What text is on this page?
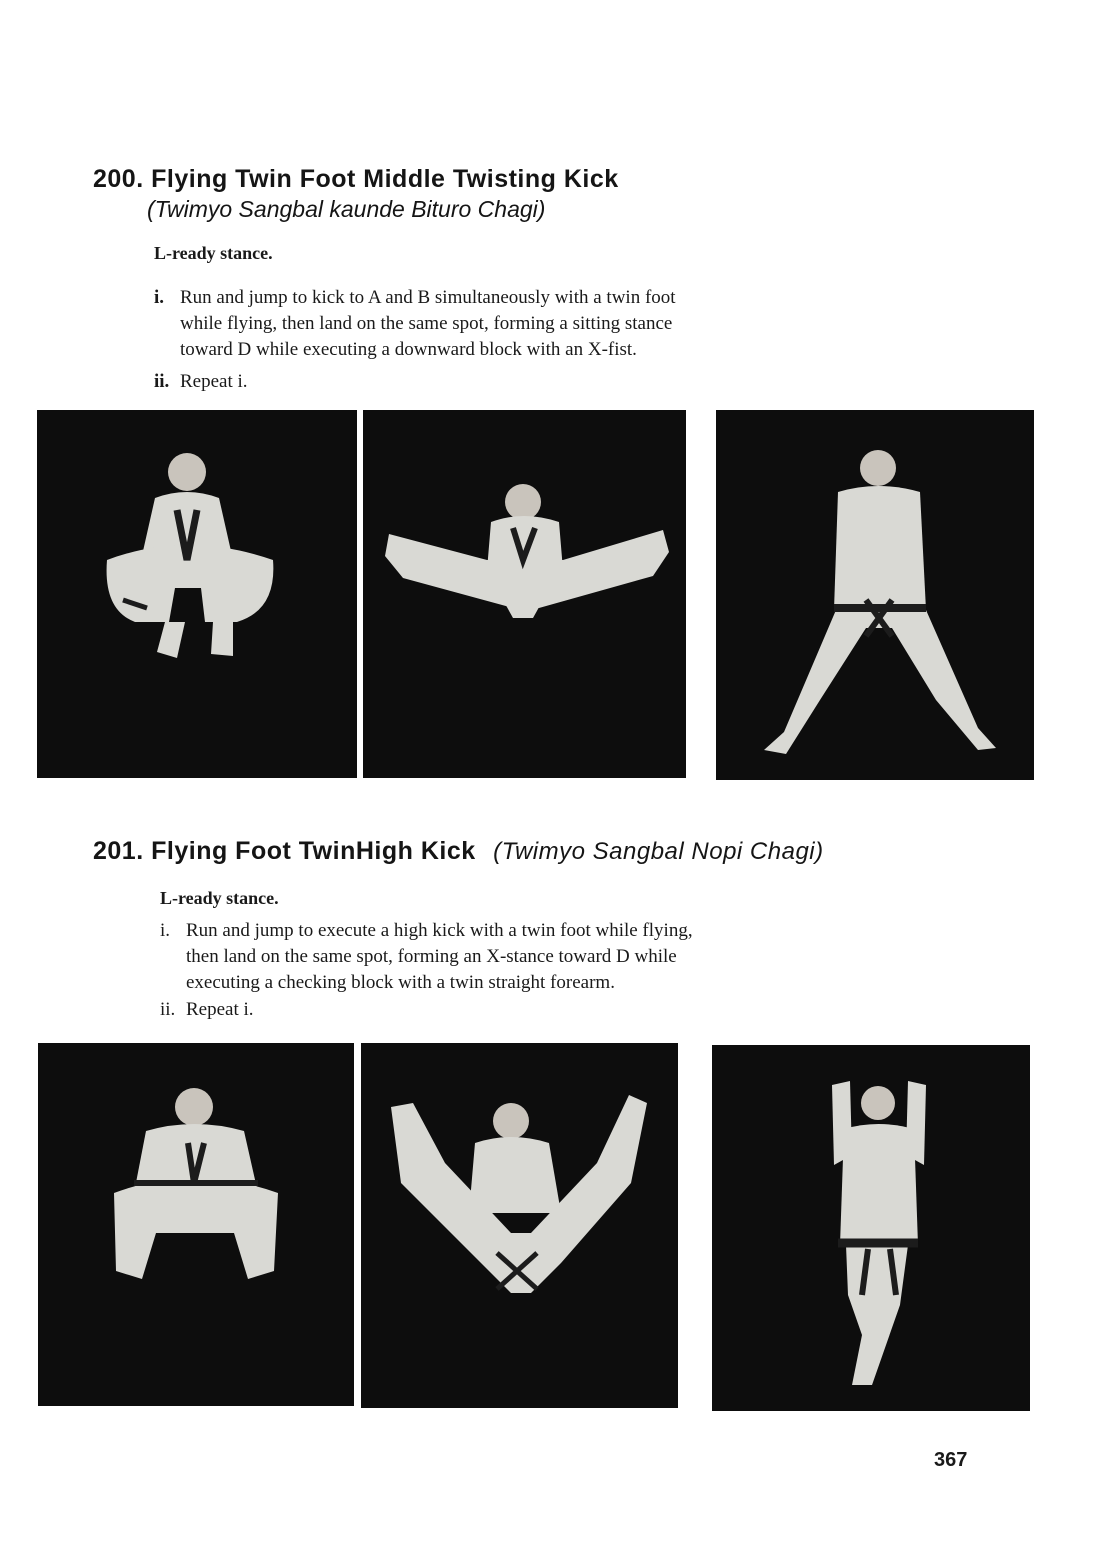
200. Flying Twin Foot Middle Twisting Kick
(Twimyo Sangbal kaunde Bituro Chagi)
L-ready stance.
i. Run and jump to kick to A and B simultaneously with a twin foot
while flying, then land on the same spot, forming a sitting stance
toward D while executing a downward block with an X-fist.
ii. Repeat i.
201. Flying Foot TwinHigh Kick (Twimyo Sangbal Nopi Chagi)
L-ready stance.
i. Run and jump to execute a high kick with a twin foot while flying,
then land on the same spot, forming an X-stance toward D while
executing a checking block with a twin straight forearm.
ii. Repeat i.
367
